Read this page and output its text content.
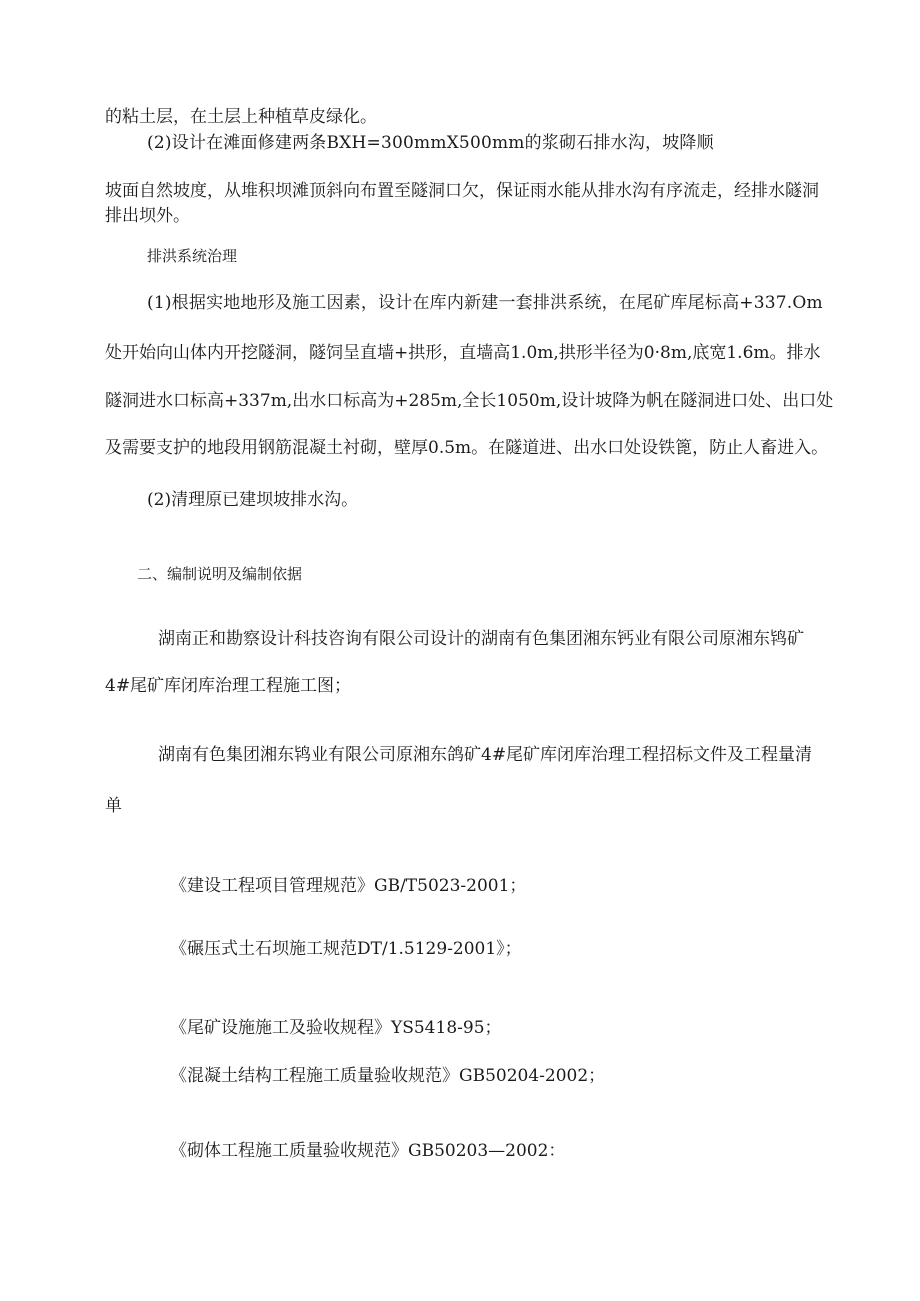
的粘土层，在土层上种植草皮绿化。
(2)设计在滩面修建两条BXH=300mmX500mm的浆砌石排水沟，坡降顺
坡面自然坡度，从堆积坝滩顶斜向布置至隧洞口欠，保证雨水能从排水沟有序流走，经排水隧洞
排出坝外。
排洪系统治理
(1)根据实地地形及施工因素，设计在库内新建一套排洪系统，在尾矿库尾标高+337.Om
处开始向山体内开挖隧洞，隧饲呈直墙+拱形，直墙高1.0m,拱形半径为0·8m,底宽1.6m。排水
隧洞进水口标高+337m,出水口标高为+285m,全长1050m,设计坡降为帆在隧洞进口处、出口处
及需要支护的地段用钢筋混凝土衬砌，壁厚0.5m。在隧道进、出水口处设铁篦，防止人畜进入。
(2)清理原已建坝坡排水沟。
二、编制说明及编制依据
湖南正和勘察设计科技咨询有限公司设计的湖南有色集团湘东钙业有限公司原湘东鸨矿
4#尾矿库闭库治理工程施工图；
湖南有色集团湘东鸨业有限公司原湘东鸽矿4#尾矿库闭库治理工程招标文件及工程量清
单
《建设工程项目管理规范》GB/T5023-2001；
《碾压式土石坝施工规范DT/1.5129-2001》；
《尾矿设施施工及验收规程》YS5418-95；
《混凝土结构工程施工质量验收规范》GB50204-2002；
《砌体工程施工质量验收规范》GB50203—2002：
